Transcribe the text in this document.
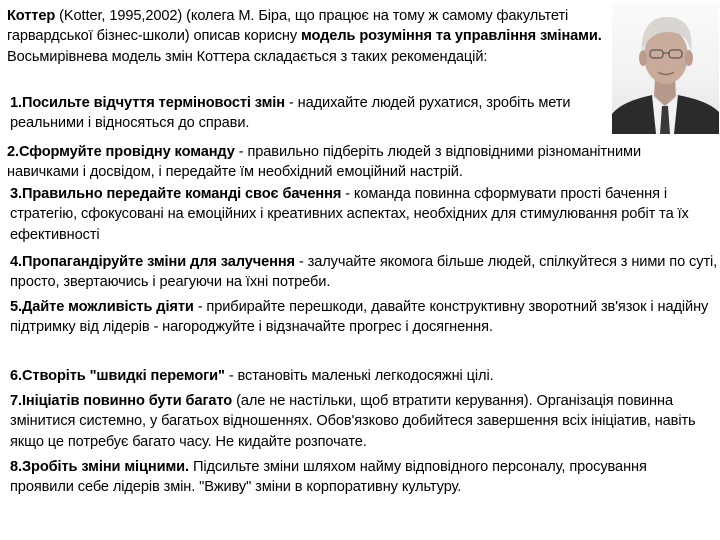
Коттер (Kotter, 1995,2002) (колега М. Біра, що працює на тому ж самому факультеті гарвардської бізнес-школи) описав корисну модель розуміння та управління змінами. Восьмирівнева модель змін Коттера складається з таких рекомендацій:

1.Посильте відчуття терміновості змін - надихайте людей рухатися, зробіть мети реальними і відносяться до справи.

2.Сформуйте провідну команду - правильно підберіть людей з відповідними різноманітними навичками і досвідом, і передайте їм необхідний емоційний настрій.

3.Правильно передайте команді своє бачення - команда повинна сформувати прості бачення і стратегію, сфокусовані на емоційних і креативних аспектах, необхідних для стимулювання робіт та їх ефективності

4.Пропагандіруйте зміни для залучення - залучайте якомога більше людей, спілкуйтеся з ними по суті, просто, звертаючись і реагуючи на їхні потреби.

5.Дайте можливість діяти - прибирайте перешкоди, давайте конструктивну зворотний зв'язок і надійну підтримку від лідерів - нагороджуйте і відзначайте прогрес і досягнення.

6.Створіть "швидкі перемоги" - встановіть маленькі легкодосяжні цілі.

7.Ініціатів повинно бути багато (але не настільки, щоб втратити керування). Організація повинна змінитися системно, у багатьох відношеннях. Обов'язково добийтеся завершення всіх ініціатив, навіть якщо це потребує багато часу. Не кидайте розпочате.

8.Зробіть зміни міцними. Підсильте зміни шляхом найму відповідного персоналу, просування проявили себе лідерів змін. "Вживу" зміни в корпоративну культуру.
